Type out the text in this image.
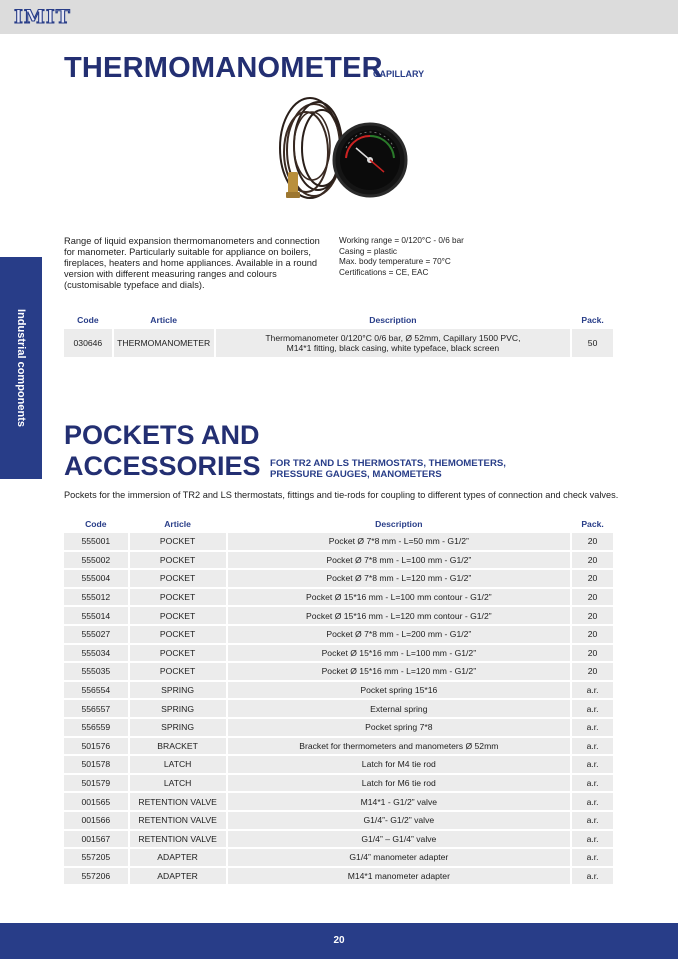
IMIT
Industrial components
THERMOMANOMETER
CAPILLARY
Range of liquid expansion thermomanometers and connection for manometer. Particularly suitable for appliance on boilers, fireplaces, heaters and home appliances. Available in a round version with different measuring ranges and colours (customisable typeface and dials).
Working range = 0/120°C - 0/6 bar
Casing = plastic
Max. body temperature = 70°C
Certifications = CE, EAC
Code	Article	Description	Pack.
030646	THERMOMANOMETER	Thermomanometer 0/120°C 0/6 bar, Ø 52mm, Capillary 1500 PVC,
M14*1 fitting, black casing, white typeface, black screen	50
POCKETS AND
ACCESSORIES FOR TR2 AND LS THERMOSTATS, THEMOMETERS,
PRESSURE GAUGES, MANOMETERS
Pockets for the immersion of TR2 and LS thermostats, fittings and tie-rods for coupling to different types of connection and check valves.
Code	Article	Description	Pack.
555001	POCKET	Pocket Ø 7*8 mm - L=50 mm - G1/2”	20
555002	POCKET	Pocket Ø 7*8 mm - L=100 mm - G1/2”	20
555004	POCKET	Pocket Ø 7*8 mm - L=120 mm - G1/2”	20
555012	POCKET	Pocket Ø 15*16 mm - L=100 mm contour - G1/2”	20
555014	POCKET	Pocket Ø 15*16 mm - L=120 mm contour - G1/2”	20
555027	POCKET	Pocket Ø 7*8 mm - L=200 mm - G1/2”	20
555034	POCKET	Pocket Ø 15*16 mm - L=100 mm - G1/2”	20
555035	POCKET	Pocket Ø 15*16 mm - L=120 mm - G1/2”	20
556554	SPRING	Pocket spring 15*16	a.r.
556557	SPRING	External spring	a.r.
556559	SPRING	Pocket spring 7*8	a.r.
501576	BRACKET	Bracket for thermometers and manometers Ø 52mm	a.r.
501578	LATCH	Latch for M4 tie rod	a.r.
501579	LATCH	Latch for M6 tie rod	a.r.
001565	RETENTION VALVE	M14*1 - G1/2” valve	a.r.
001566	RETENTION VALVE	G1/4”- G1/2” valve	a.r.
001567	RETENTION VALVE	G1/4” – G1/4” valve	a.r.
557205	ADAPTER	G1/4” manometer adapter	a.r.
557206	ADAPTER	M14*1 manometer adapter	a.r.
20
